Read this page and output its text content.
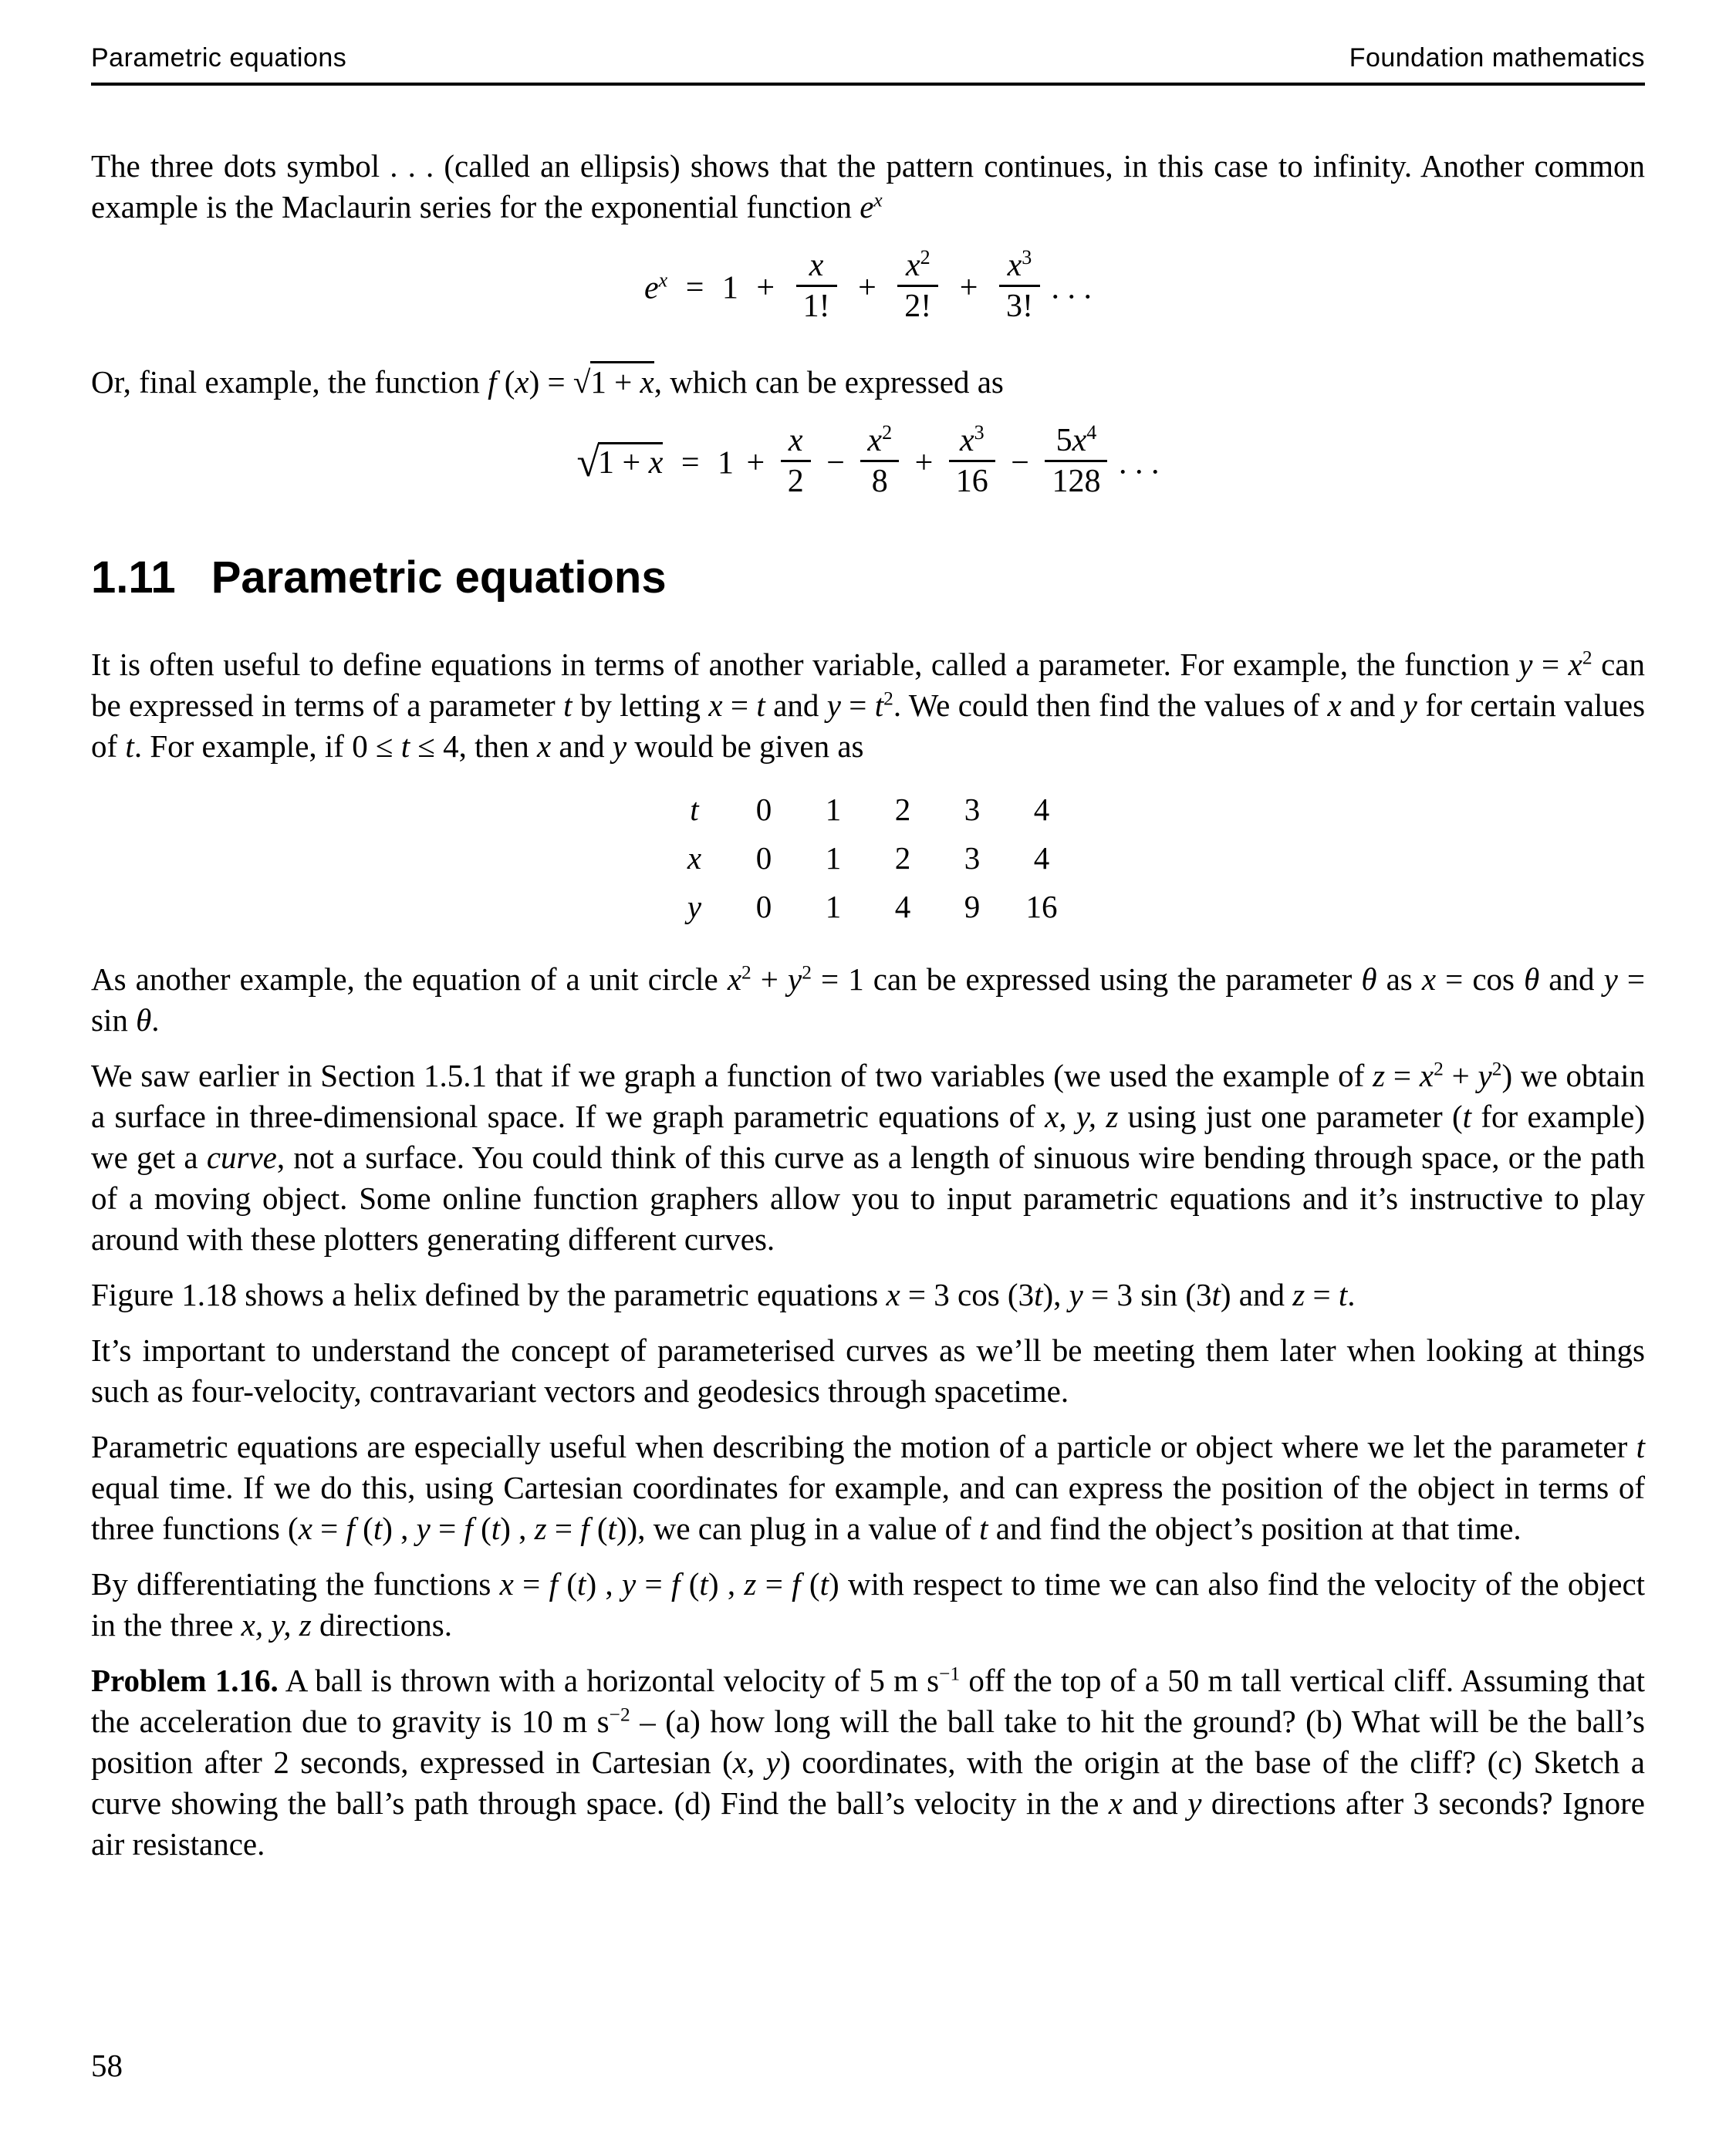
Parametric equations	Foundation mathematics

The three dots symbol . . . (called an ellipsis) shows that the pattern continues, in this case to infinity. Another common example is the Maclaurin series for the exponential function $e^x$

$e^x = 1 + \frac{x}{1!} + \frac{x^2}{2!} + \frac{x^3}{3!}$ . . .

Or, final example, the function f (x) = √1 + x, which can be expressed as

$√1 + x = 1 + \frac{x}{2} - \frac{x^2}{8} + \frac{x^3}{16} - \frac{5x^4}{128}$ . . .
1.11 Parametric equations

It is often useful to define equations in terms of another variable, called a parameter. For example, the function $y = x^2$ can be expressed in terms of a parameter t by letting x = t and $y = t^2$. We could then find the values of x and y for certain values of t. For example, if 0 ≤ t ≤ 4, then x and y would be given as

t	0	1	2	3	4
x	0	1	2	3	4
y	0	1	4	9	16

As another example, the equation of a unit circle $x^2 + y^2 = 1$ can be expressed using the parameter θ as x = cos θ and y = sin θ.

We saw earlier in Section 1.5.1 that if we graph a function of two variables (we used the example of $z = x^2 + y^2$) we obtain a surface in three-dimensional space. If we graph parametric equations of x, y, z using just one parameter (t for example) we get a curve, not a surface. You could think of this curve as a length of sinuous wire bending through space, or the path of a moving object. Some online function graphers allow you to input parametric equations and it’s instructive to play around with these plotters generating different curves.

Figure 1.18 shows a helix defined by the parametric equations x = 3 cos (3t), y = 3 sin (3t) and z = t.

It’s important to understand the concept of parameterised curves as we’ll be meeting them later when looking at things such as four-velocity, contravariant vectors and geodesics through spacetime.

Parametric equations are especially useful when describing the motion of a particle or object where we let the parameter t equal time. If we do this, using Cartesian coordinates for example, and can express the position of the object in terms of three functions (x = f (t) , y = f (t) , z = f (t)), we can plug in a value of t and find the object’s position at that time.

By differentiating the functions x = f (t) , y = f (t) , z = f (t) with respect to time we can also find the velocity of the object in the three x, y, z directions.

Problem 1.16. A ball is thrown with a horizontal velocity of 5 m $s^{-1}$ off the top of a 50 m tall vertical cliff. Assuming that the acceleration due to gravity is 10 m $s^{-2} - (a)$ how long will the ball take to hit the ground? (b) What will be the ball’s position after 2 seconds, expressed in Cartesian (x, y) coordinates, with the origin at the base of the cliff? (c) Sketch a curve showing the ball’s path through space. (d) Find the ball’s velocity in the x and y directions after 3 seconds? Ignore air resistance.

58
